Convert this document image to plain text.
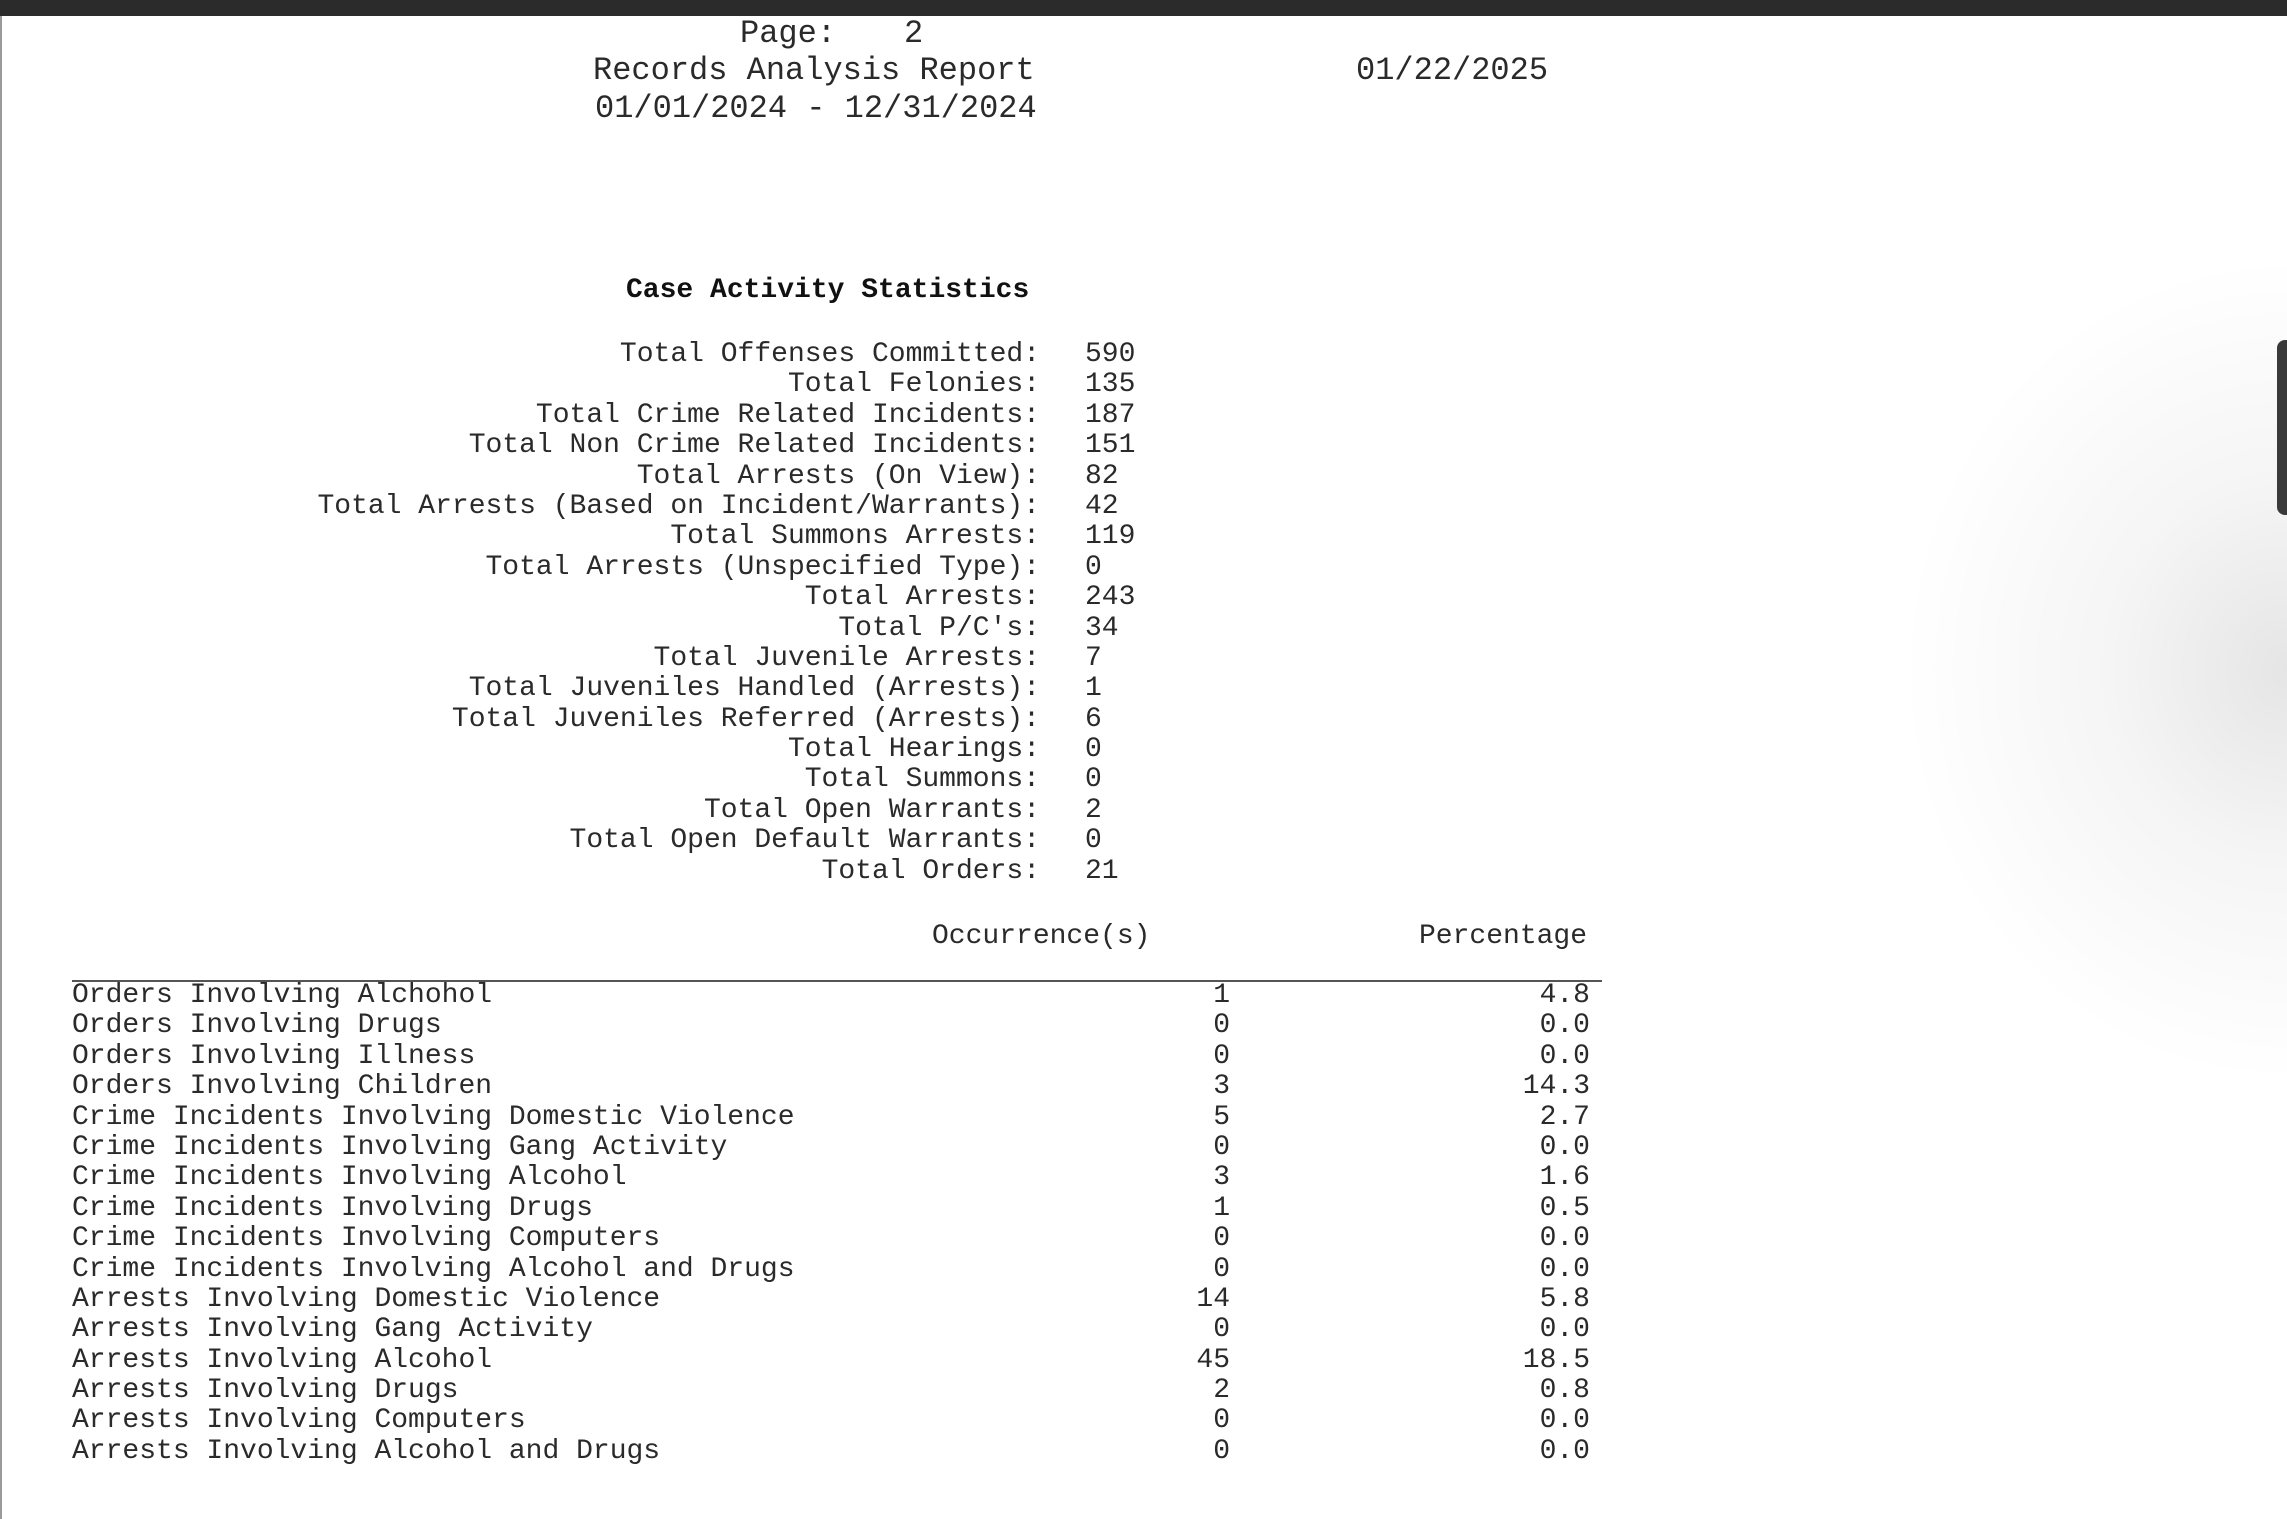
Page: 2
Records Analysis Report	01/22/2025
01/01/2024 - 12/31/2024
Case Activity Statistics
Total Offenses Committed: 590
Total Felonies: 135
Total Crime Related Incidents: 187
Total Non Crime Related Incidents: 151
Total Arrests (On View): 82
Total Arrests (Based on Incident/Warrants): 42
Total Summons Arrests: 119
Total Arrests (Unspecified Type): 0
Total Arrests: 243
Total P/C's: 34
Total Juvenile Arrests: 7
Total Juveniles Handled (Arrests): 1
Total Juveniles Referred (Arrests): 6
Total Hearings: 0
Total Summons: 0
Total Open Warrants: 2
Total Open Default Warrants: 0
Total Orders: 21
Occurrence(s)	Percentage
Orders Involving Alchohol	1	4.8
Orders Involving Drugs	0	0.0
Orders Involving Illness	0	0.0
Orders Involving Children	3	14.3
Crime Incidents Involving Domestic Violence	5	2.7
Crime Incidents Involving Gang Activity	0	0.0
Crime Incidents Involving Alcohol	3	1.6
Crime Incidents Involving Drugs	1	0.5
Crime Incidents Involving Computers	0	0.0
Crime Incidents Involving Alcohol and Drugs	0	0.0
Arrests Involving Domestic Violence	14	5.8
Arrests Involving Gang Activity	0	0.0
Arrests Involving Alcohol	45	18.5
Arrests Involving Drugs	2	0.8
Arrests Involving Computers	0	0.0
Arrests Involving Alcohol and Drugs	0	0.0
